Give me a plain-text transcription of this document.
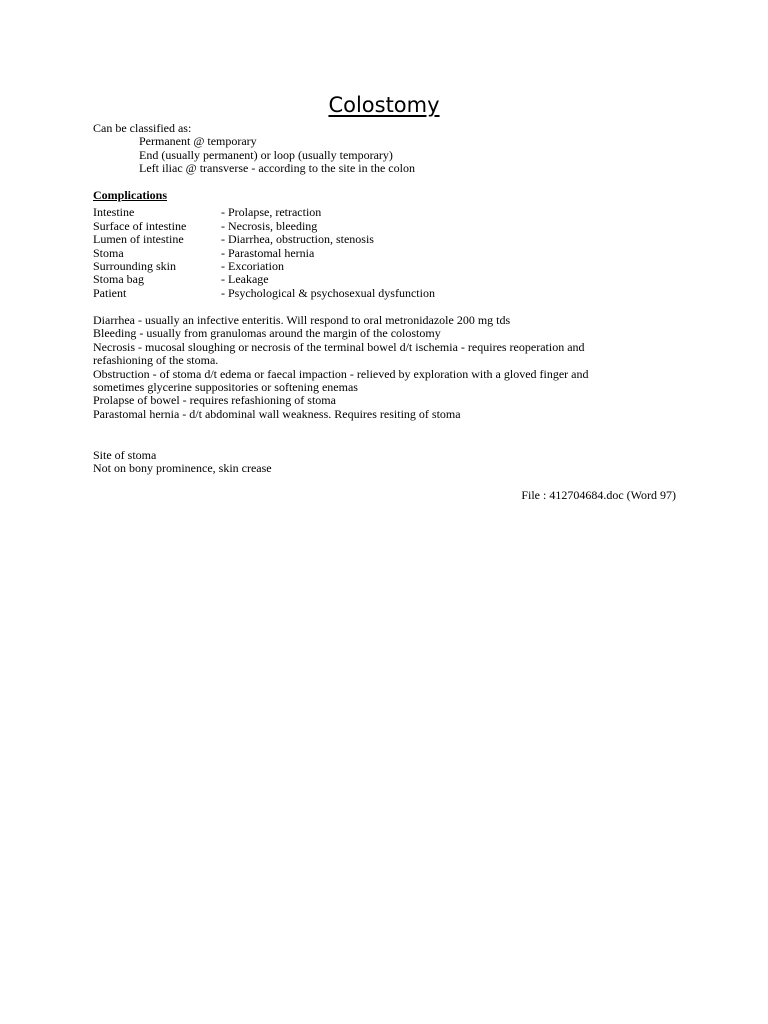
Colostomy
Can be classified as:
Permanent @ temporary
End (usually permanent) or loop (usually temporary)
Left iliac @ transverse - according to the site in the colon
Complications
Intestine	- Prolapse, retraction
Surface of intestine	- Necrosis, bleeding
Lumen of intestine	- Diarrhea, obstruction, stenosis
Stoma	- Parastomal hernia
Surrounding skin	- Excoriation
Stoma bag	- Leakage
Patient	- Psychological & psychosexual dysfunction
Diarrhea - usually an infective enteritis. Will respond to oral metronidazole 200 mg tds
Bleeding - usually from granulomas around the margin of the colostomy
Necrosis - mucosal sloughing or necrosis of the terminal bowel d/t ischemia - requires reoperation and
refashioning of the stoma.
Obstruction - of stoma d/t edema or faecal impaction - relieved by exploration with a gloved finger and
sometimes glycerine suppositories or softening enemas
Prolapse of bowel - requires refashioning of stoma
Parastomal hernia - d/t abdominal wall weakness. Requires resiting of stoma
Site of stoma
Not on bony prominence, skin crease
File : 412704684.doc (Word 97)
